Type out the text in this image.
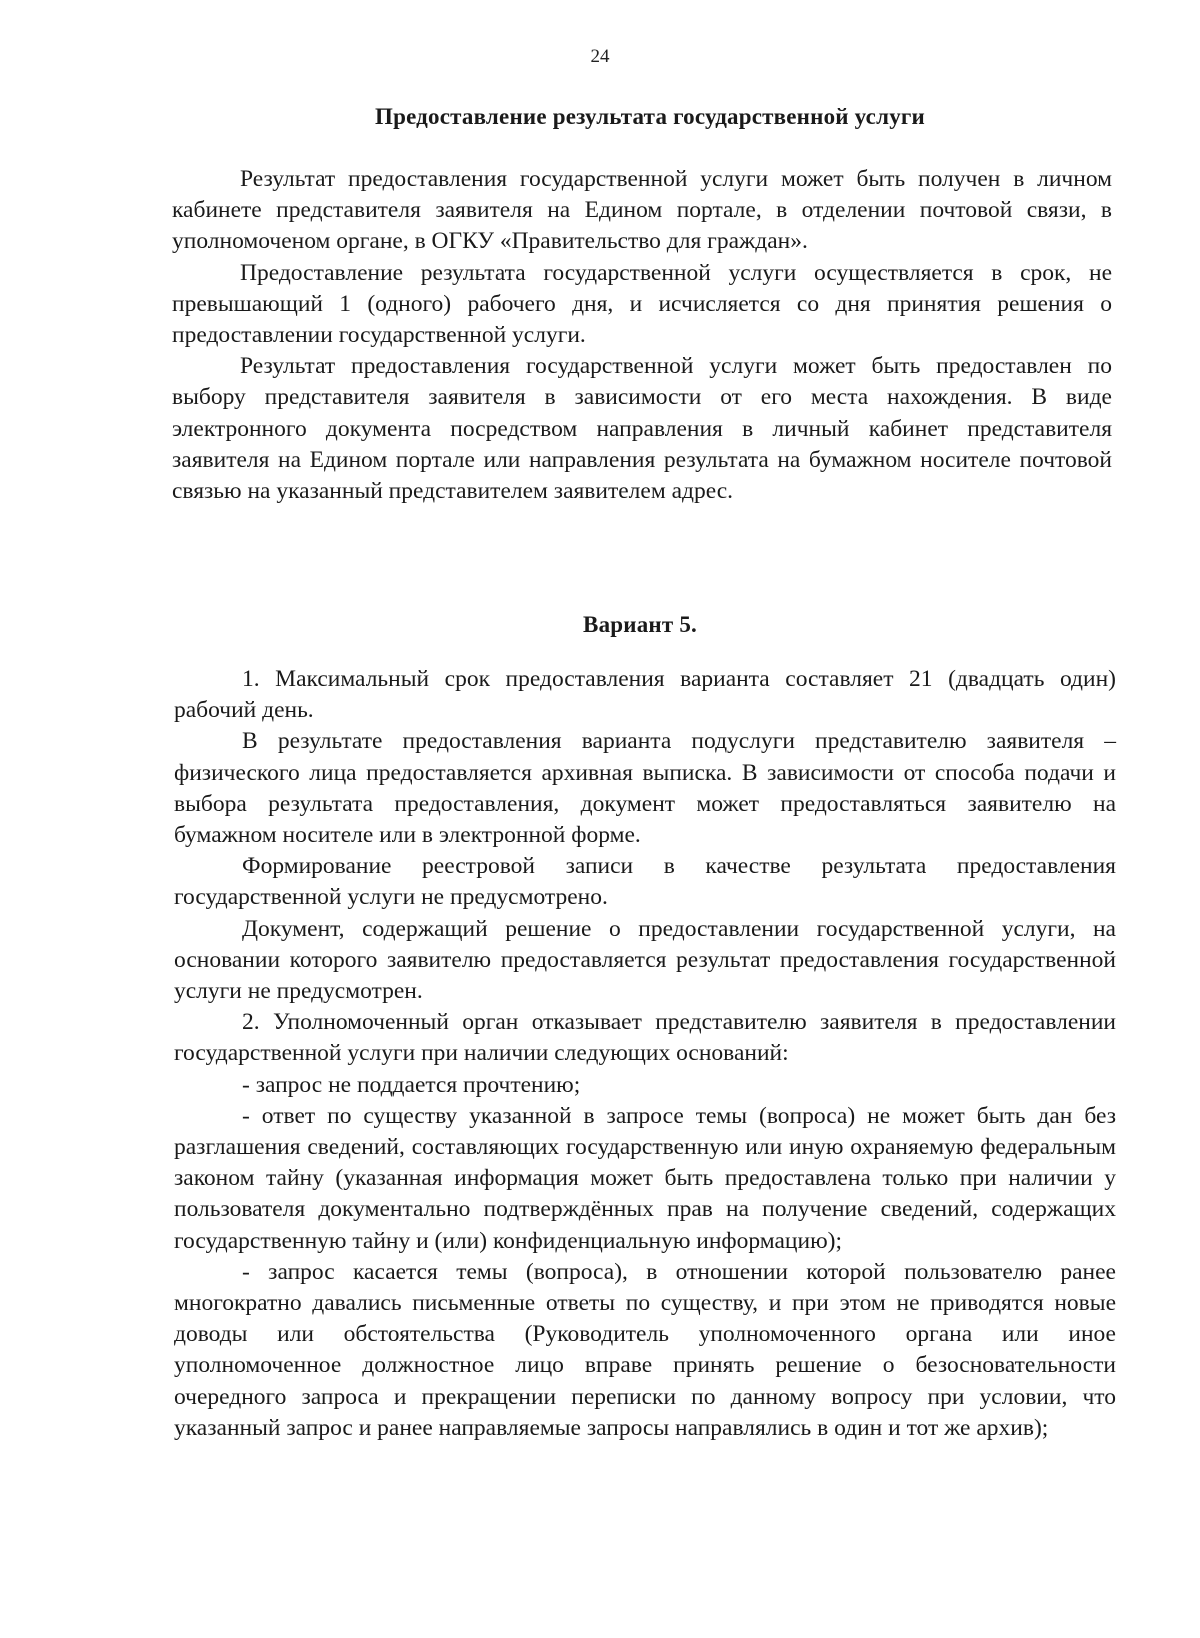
24
Предоставление результата государственной услуги

Результат предоставления государственной услуги может быть получен в личном кабинете представителя заявителя на Едином портале, в отделении почтовой связи, в уполномоченом органе, в ОГКУ «Правительство для граждан».

Предоставление результата государственной услуги осуществляется в срок, не превышающий 1 (одного) рабочего дня, и исчисляется со дня принятия решения о предоставлении государственной услуги.

Результат предоставления государственной услуги может быть предоставлен по выбору представителя заявителя в зависимости от его места нахождения. В виде электронного документа посредством направления в личный кабинет представителя заявителя на Едином портале или направления результата на бумажном носителе почтовой связью на указанный представителем заявителем адрес.

Вариант 5.

1. Максимальный срок предоставления варианта составляет 21 (двадцать один) рабочий день.

В результате предоставления варианта подуслуги представителю заявителя – физического лица предоставляется архивная выписка. В зависимости от способа подачи и выбора результата предоставления, документ может предоставляться заявителю на бумажном носителе или в электронной форме.

Формирование реестровой записи в качестве результата предоставления государственной услуги не предусмотрено.

Документ, содержащий решение о предоставлении государственной услуги, на основании которого заявителю предоставляется результат предоставления государственной услуги не предусмотрен.

2. Уполномоченный орган отказывает представителю заявителя в предоставлении государственной услуги при наличии следующих оснований:

- запрос не поддается прочтению;

- ответ по существу указанной в запросе темы (вопроса) не может быть дан без разглашения сведений, составляющих государственную или иную охраняемую федеральным законом тайну (указанная информация может быть предоставлена только при наличии у пользователя документально подтверждённых прав на получение сведений, содержащих государственную тайну и (или) конфиденциальную информацию);

- запрос касается темы (вопроса), в отношении которой пользователю ранее многократно давались письменные ответы по существу, и при этом не приводятся новые доводы или обстоятельства (Руководитель уполномоченного органа или иное уполномоченное должностное лицо вправе принять решение о безосновательности очередного запроса и прекращении переписки по данному вопросу при условии, что указанный запрос и ранее направляемые запросы направлялись в один и тот же архив);
